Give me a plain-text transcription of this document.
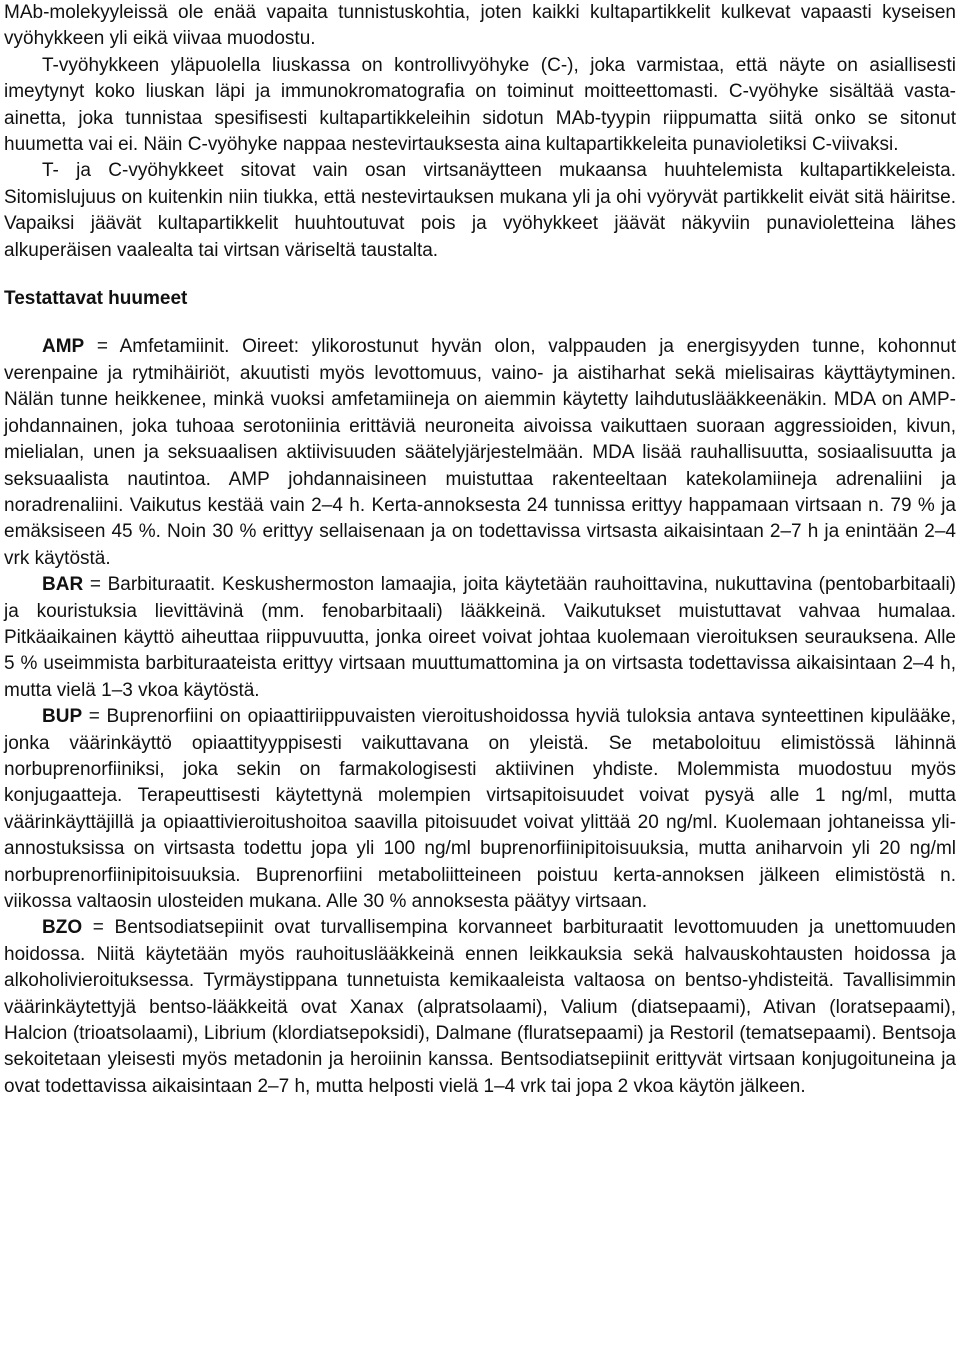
MAb-molekyyleissä ole enää vapaita tunnistuskohtia, joten kaikki kultapartikkelit kulkevat vapaasti kyseisen vyöhykkeen yli eikä viivaa muodostu.

T-vyöhykkeen yläpuolella liuskassa on kontrollivyöhyke (C-), joka varmistaa, että näyte on asiallisesti imeytynyt koko liuskan läpi ja immunokromatografia on toiminut moitteettomasti. C-vyöhyke sisältää vasta-ainetta, joka tunnistaa spesifisesti kultapartikkeleihin sidotun MAb-tyypin riippumatta siitä onko se sitonut huumetta vai ei. Näin C-vyöhyke nappaa nestevirtauksesta aina kultapartikkeleita punavioletiksi C-viivaksi.

T- ja C-vyöhykkeet sitovat vain osan virtsanäytteen mukaansa huuhtelemista kultapartikkeleista. Sitomislujuus on kuitenkin niin tiukka, että nestevirtauksen mukana yli ja ohi vyöryvät partikkelit eivät sitä häiritse. Vapaiksi jäävät kultapartikkelit huuhtoutuvat pois ja vyöhykkeet jäävät näkyviin punavioletteina lähes alkuperäisen vaalealta tai virtsan väriseltä taustalta.

Testattavat huumeet

AMP = Amfetamiinit. Oireet: ylikorostunut hyvän olon, valppauden ja energisyyden tunne, kohonnut verenpaine ja rytmihäiriöt, akuutisti myös levottomuus, vaino- ja aistiharhat sekä mielisairas käyttäytyminen. Nälän tunne heikkenee, minkä vuoksi amfetamiineja on aiemmin käytetty laihdutuslääkkeenäkin. MDA on AMP-johdannainen, joka tuhoaa serotoniinia erittäviä neuroneita aivoissa vaikuttaen suoraan aggressioiden, kivun, mielialan, unen ja seksuaalisen aktiivisuuden säätelyjärjestelmään. MDA lisää rauhallisuutta, sosiaalisuutta ja seksuaalista nautintoa. AMP johdannaisineen muistuttaa rakenteeltaan katekolamiineja adrenaliini ja noradrenaliini. Vaikutus kestää vain 2–4 h. Kerta-annoksesta 24 tunnissa erittyy happamaan virtsaan n. 79 % ja emäksiseen 45 %. Noin 30 % erittyy sellaisenaan ja on todettavissa virtsasta aikaisintaan 2–7 h ja enintään 2–4 vrk käytöstä.

BAR = Barbituraatit. Keskushermoston lamaajia, joita käytetään rauhoittavina, nukuttavina (pentobarbitaali) ja kouristuksia lievittävinä (mm. fenobarbitaali) lääkkeinä. Vaikutukset muistuttavat vahvaa humalaa. Pitkäaikainen käyttö aiheuttaa riippuvuutta, jonka oireet voivat johtaa kuolemaan vieroituksen seurauksena. Alle 5 % useimmista barbituraateista erittyy virtsaan muuttumattomina ja on virtsasta todettavissa aikaisintaan 2–4 h, mutta vielä 1–3 vkoa käytöstä.

BUP = Buprenorfiini on opiaattiriippuvaisten vieroitushoidossa hyviä tuloksia antava synteettinen kipulääke, jonka väärinkäyttö opiaattityyppisesti vaikuttavana on yleistä. Se metaboloituu elimistössä lähinnä norbuprenorfiiniksi, joka sekin on farmakologisesti aktiivinen yhdiste. Molemmista muodostuu myös konjugaatteja. Terapeuttisesti käytettynä molempien virtsapitoisuudet voivat pysyä alle 1 ng/ml, mutta väärinkäyttäjillä ja opiaattivieroitushoitoa saavilla pitoisuudet voivat ylittää 20 ng/ml. Kuolemaan johtaneissa yliannostuksissa on virtsasta todettu jopa yli 100 ng/ml buprenorfiinipitoisuuksia, mutta aniharvoin yli 20 ng/ml norbuprenorfiinipitoisuuksia. Buprenorfiini metaboliitteineen poistuu kerta-annoksen jälkeen elimistöstä n. viikossa valtaosin ulosteiden mukana. Alle 30 % annoksesta päätyy virtsaan.

BZO = Bentsodiatsepiinit ovat turvallisempina korvanneet barbituraatit levottomuuden ja unettomuuden hoidossa. Niitä käytetään myös rauhoituslääkkeinä ennen leikkauksia sekä halvauskohtausten hoidossa ja alkoholivieroituksessa. Tyrmäystippana tunnetuista kemikaaleista valtaosa on bentso-yhdisteitä. Tavallisimmin väärinkäytettyjä bentso-lääkkeitä ovat Xanax (alpratsolaami), Valium (diatsepaami), Ativan (loratsepaami), Halcion (trioatsolaami), Librium (klordiatsepoksidi), Dalmane (fluratsepaami) ja Restoril (tematsepaami). Bentsoja sekoitetaan yleisesti myös metadonin ja heroiinin kanssa. Bentsodiatsepiinit erittyvät virtsaan konjugoituneina ja ovat todettavissa aikaisintaan 2–7 h, mutta helposti vielä 1–4 vrk tai jopa 2 vkoa käytön jälkeen.
